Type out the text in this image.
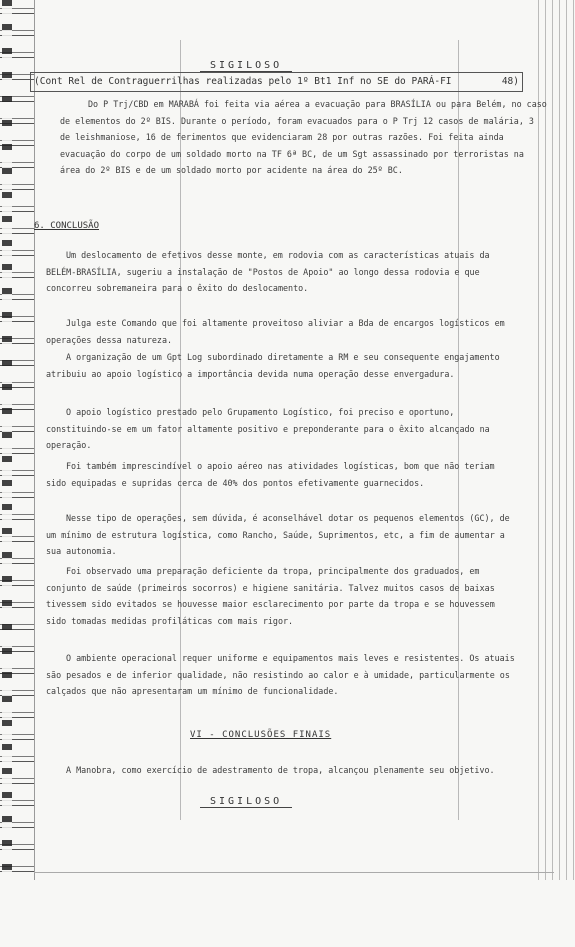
SIGILOSO
(Cont Rel de Contraguerrilhas realizadas pelo 1º Bt1 Inf no SE do PARÁ-FI	48)

Do P Trj/CBD em MARABÁ foi feita via aérea a evacuação para BRASÍLIA ou para Belém, no caso de elementos do 2º BIS. Durante o período, foram evacuados para o P Trj 12 casos de malária, 3 de leishmaniose, 16 de ferimentos que evidenciaram 28 por outras razões. Foi feita ainda evacuação do corpo de um soldado morto na TF 6ª BC, de um Sgt assassinado por terroristas na área do 2º BIS e de um soldado morto por acidente na área do 25º BC.

6. CONCLUSÃO

Um deslocamento de efetivos desse monte, em rodovia com as características atuais da BELÉM-BRASÍLIA, sugeriu a instalação de "Postos de Apoio" ao longo dessa rodovia e que concorreu sobremaneira para o êxito do deslocamento.

Julga este Comando que foi altamente proveitoso aliviar a Bda de encargos logísticos em operações dessa natureza.

A organização de um Gpt Log subordinado diretamente a RM e seu consequente engajamento atribuiu ao apoio logístico a importância devida numa operação desse envergadura.

O apoio logístico prestado pelo Grupamento Logístico, foi preciso e oportuno, constituindo-se em um fator altamente positivo e preponderante para o êxito alcançado na operação.

Foi também imprescindível o apoio aéreo nas atividades logísticas, bom que não teriam sido equipadas e supridas cerca de 40% dos pontos efetivamente guarnecidos.

Nesse tipo de operações, sem dúvida, é aconselhável dotar os pequenos elementos (GC), de um mínimo de estrutura logística, como Rancho, Saúde, Suprimentos, etc, a fim de aumentar a sua autonomia.

Foi observado uma preparação deficiente da tropa, principalmente dos graduados, em conjunto de saúde (primeiros socorros) e higiene sanitária. Talvez muitos casos de baixas tivessem sido evitados se houvesse maior esclarecimento por parte da tropa e se houvessem sido tomadas medidas profiláticas com mais rigor.

O ambiente operacional requer uniforme e equipamentos mais leves e resistentes. Os atuais são pesados e de inferior qualidade, não resistindo ao calor e à umidade, particularmente os calçados que não apresentaram um mínimo de funcionalidade.

VI - CONCLUSÕES FINAIS

A Manobra, como exercício de adestramento de tropa, alcançou plenamente seu objetivo.

SIGILOSO
